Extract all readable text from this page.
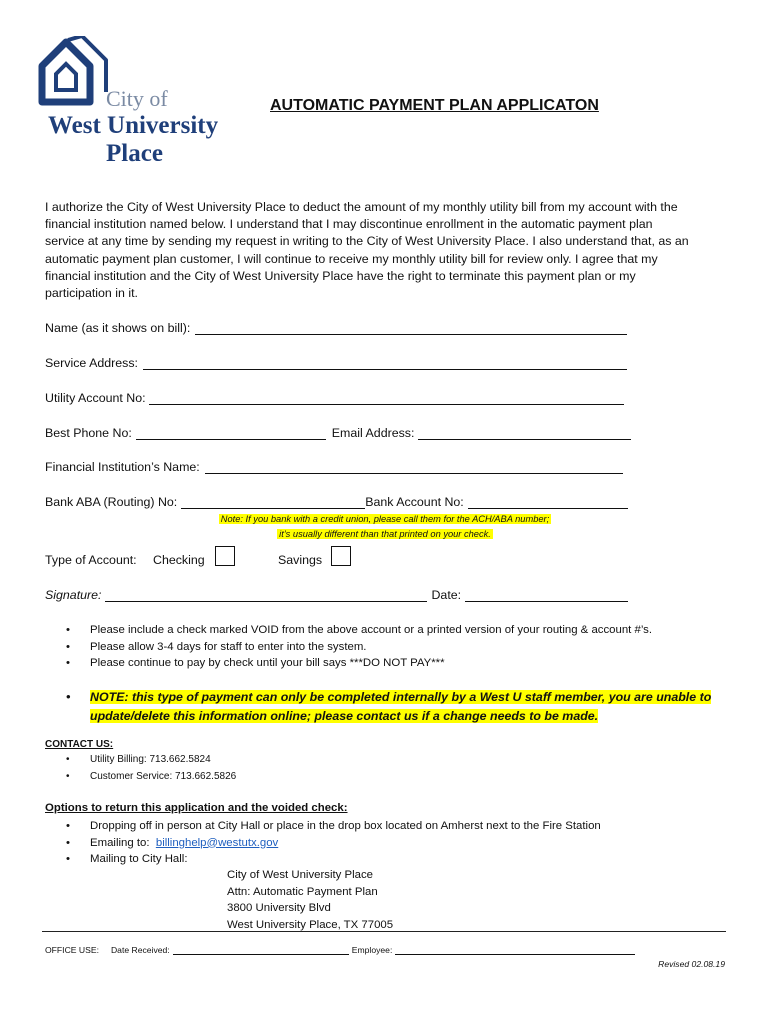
City of
West University
Place
AUTOMATIC PAYMENT PLAN APPLICATON
I authorize the City of West University Place to deduct the amount of my monthly utility bill from my account with the
financial institution named below. I understand that I may discontinue enrollment in the automatic payment plan
service at any time by sending my request in writing to the City of West University Place. I also understand that, as an
automatic payment plan customer, I will continue to receive my monthly utility bill for review only. I agree that my
financial institution and the City of West University Place have the right to terminate this payment plan or my
participation in it.
Name (as it shows on bill):
Service Address:
Utility Account No:
Best Phone No:	Email Address:
Financial Institution’s Name:
Bank ABA (Routing) No:	Bank Account No:
Note: If you bank with a credit union, please call them for the ACH/ABA number;
it’s usually different than that printed on your check.
Type of Account: Checking	Savings
Signature:	Date:
• Please include a check marked VOID from the above account or a printed version of your routing & account #’s.
• Please allow 3-4 days for staff to enter into the system.
• Please continue to pay by check until your bill says ***DO NOT PAY***
• NOTE: this type of payment can only be completed internally by a West U staff member, you are unable to update/delete this information online; please contact us if a change needs to be made.
CONTACT US:
• Utility Billing: 713.662.5824
• Customer Service: 713.662.5826
Options to return this application and the voided check:
• Dropping off in person at City Hall or place in the drop box located on Amherst next to the Fire Station
• Emailing to: billinghelp@westutx.gov
• Mailing to City Hall:
City of West University Place
Attn: Automatic Payment Plan
3800 University Blvd
West University Place, TX 77005
OFFICE USE: Date Received:	Employee:
Revised 02.08.19
